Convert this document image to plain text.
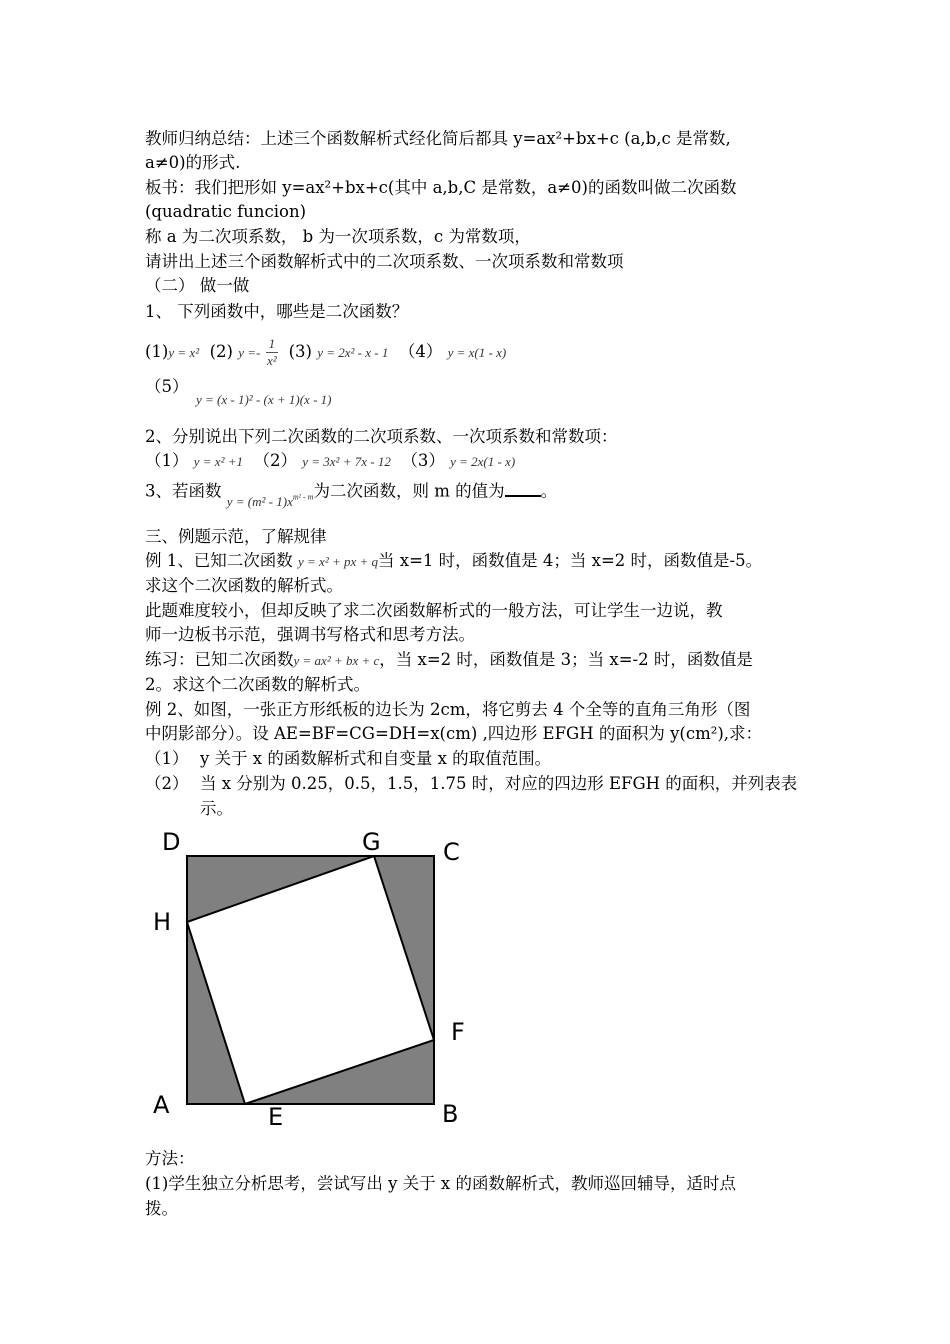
教师归纳总结：上述三个函数解析式经化简后都具 y=ax²+bx+c (a,b,c 是常数,
a≠0)的形式.
板书：我们把形如 y=ax²+bx+c(其中 a,b,C 是常数，a≠0)的函数叫做二次函数
(quadratic funcion)
称 a 为二次项系数， b 为一次项系数，c 为常数项，
请讲出上述三个函数解析式中的二次项系数、一次项系数和常数项
（二） 做一做
1、 下列函数中，哪些是二次函数？
(1)y = x² (2) $y =- \frac{1}{\text{x²}} (3) y = 2x^2 - x - 1$ （4） y = x(1 - x)
（5）
y = (x - 1)² - (x + 1)(x - 1)
2、分别说出下列二次函数的二次项系数、一次项系数和常数项：
（1） y = x² +1 （2） y = 3x² + 7x - 12 （3） y = 2x(1 - x)
3、若函数 $y = (m^2 - 1)x^{m^2 - m}$为二次函数，则 m 的值为 。
三、例题示范，了解规律
例 1、已知二次函数 y = x² + px + q当 x=1 时，函数值是 4；当 x=2 时，函数值是-5。
求这个二次函数的解析式。
此题难度较小，但却反映了求二次函数解析式的一般方法，可让学生一边说，教
师一边板书示范，强调书写格式和思考方法。
练习：已知二次函数y = ax² + bx + c，当 x=2 时，函数值是 3；当 x=-2 时，函数值是
2。求这个二次函数的解析式。
例 2、如图，一张正方形纸板的边长为 2cm，将它剪去 4 个全等的直角三角形（图
中阴影部分）。设 AE=BF=CG=DH=x(cm) ,四边形 EFGH 的面积为 y(cm²),求：
（1） y 关于 x 的函数解析式和自变量 x 的取值范围。
（2） 当 x 分别为 0.25，0.5，1.5，1.75 时，对应的四边形 EFGH 的面积，并列表表
示。
D	G	C
H
F
A	E	B
方法：
(1)学生独立分析思考，尝试写出 y 关于 x 的函数解析式，教师巡回辅导，适时点
拨。
